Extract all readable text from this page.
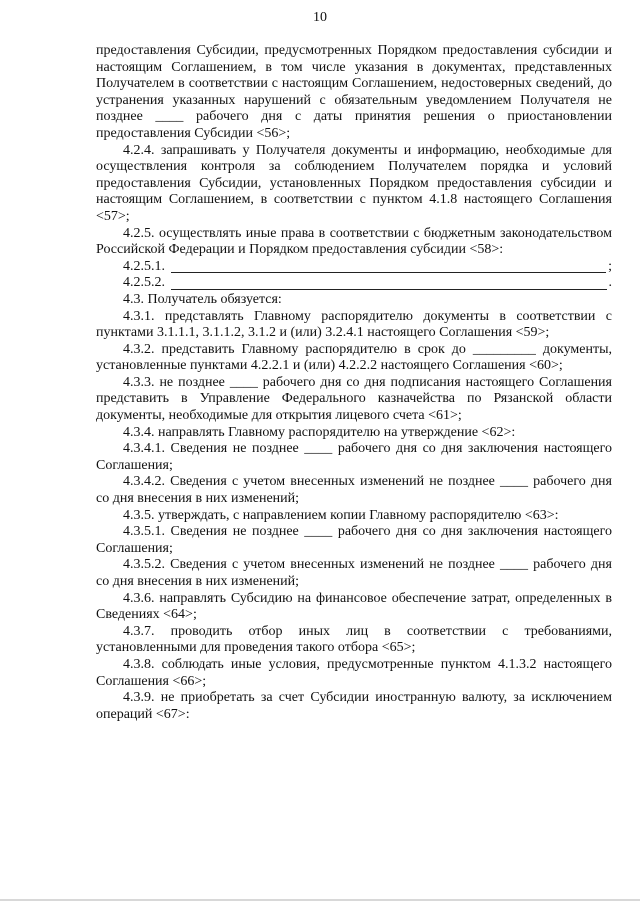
10

предоставления Субсидии, предусмотренных Порядком предоставления субсидии и настоящим Соглашением, в том числе указания в документах, представленных Получателем в соответствии с настоящим Соглашением, недостоверных сведений, до устранения указанных нарушений с обязательным уведомлением Получателя не позднее ____ рабочего дня с даты принятия решения о приостановлении предоставления Субсидии <56>;

4.2.4. запрашивать у Получателя документы и информацию, необходимые для осуществления контроля за соблюдением Получателем порядка и условий предоставления Субсидии, установленных Порядком предоставления субсидии и настоящим Соглашением, в соответствии с пунктом 4.1.8 настоящего Соглашения <57>;

4.2.5. осуществлять иные права в соответствии с бюджетным законодательством Российской Федерации и Порядком предоставления субсидии <58>:

4.2.5.1.	;
4.2.5.2.	.

4.3. Получатель обязуется:

4.3.1. представлять Главному распорядителю документы в соответствии с пунктами 3.1.1.1, 3.1.1.2, 3.1.2 и (или) 3.2.4.1 настоящего Соглашения <59>;

4.3.2. представить Главному распорядителю в срок до _________ документы, установленные пунктами 4.2.2.1 и (или) 4.2.2.2 настоящего Соглашения <60>;

4.3.3. не позднее ____ рабочего дня со дня подписания настоящего Соглашения представить в Управление Федерального казначейства по Рязанской области документы, необходимые для открытия лицевого счета <61>;

4.3.4. направлять Главному распорядителю на утверждение <62>:

4.3.4.1. Сведения не позднее ____ рабочего дня со дня заключения настоящего Соглашения;

4.3.4.2. Сведения с учетом внесенных изменений не позднее ____ рабочего дня со дня внесения в них изменений;

4.3.5. утверждать, с направлением копии Главному распорядителю <63>:

4.3.5.1. Сведения не позднее ____ рабочего дня со дня заключения настоящего Соглашения;

4.3.5.2. Сведения с учетом внесенных изменений не позднее ____ рабочего дня со дня внесения в них изменений;

4.3.6. направлять Субсидию на финансовое обеспечение затрат, определенных в Сведениях <64>;

4.3.7. проводить отбор иных лиц в соответствии с требованиями, установленными для проведения такого отбора <65>;

4.3.8. соблюдать иные условия, предусмотренные пунктом 4.1.3.2 настоящего Соглашения <66>;

4.3.9. не приобретать за счет Субсидии иностранную валюту, за исключением операций <67>:
